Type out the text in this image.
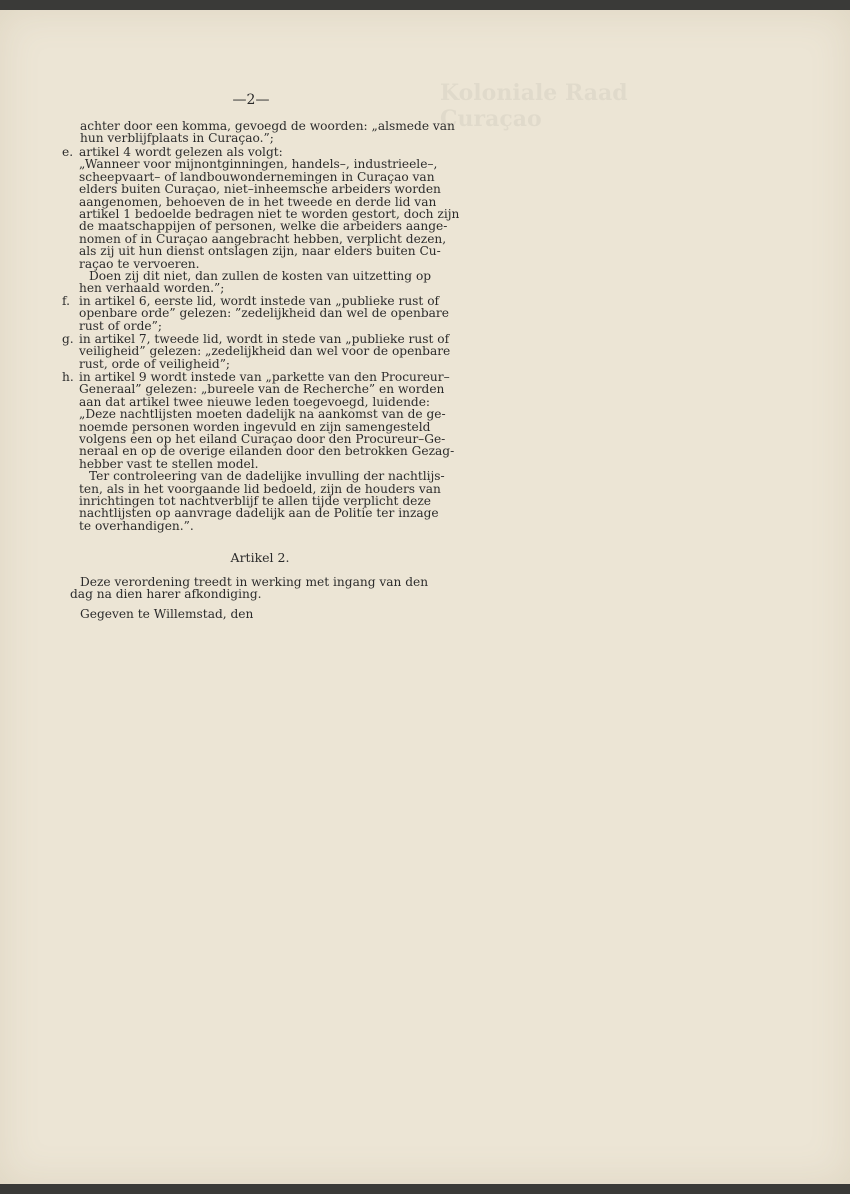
Koloniale Raad
Curaçao
—2—
achter door een komma, gevoegd de woorden: „alsmede van
hun verblijfplaats in Curaçao.”;
e. artikel 4 wordt gelezen als volgt:
„Wanneer voor mijnontginningen, handels–, industrieele–,
scheepvaart– of landbouwondernemingen in Curaçao van
elders buiten Curaçao, niet–inheemsche arbeiders worden
aangenomen, behoeven de in het tweede en derde lid van
artikel 1 bedoelde bedragen niet te worden gestort, doch zijn
de maatschappijen of personen, welke die arbeiders aange-
nomen of in Curaçao aangebracht hebben, verplicht dezen,
als zij uit hun dienst ontslagen zijn, naar elders buiten Cu-
raçao te vervoeren.
Doen zij dit niet, dan zullen de kosten van uitzetting op
hen verhaald worden.”;
f. in artikel 6, eerste lid, wordt instede van „publieke rust of
openbare orde” gelezen: ”zedelijkheid dan wel de openbare
rust of orde”;
g. in artikel 7, tweede lid, wordt in stede van „publieke rust of
veiligheid” gelezen: „zedelijkheid dan wel voor de openbare
rust, orde of veiligheid”;
h. in artikel 9 wordt instede van „parkette van den Procureur–
Generaal” gelezen: „bureele van de Recherche” en worden
aan dat artikel twee nieuwe leden toegevoegd, luidende:
„Deze nachtlijsten moeten dadelijk na aankomst van de ge-
noemde personen worden ingevuld en zijn samengesteld
volgens een op het eiland Curaçao door den Procureur–Ge-
neraal en op de overige eilanden door den betrokken Gezag-
hebber vast te stellen model.
Ter controleering van de dadelijke invulling der nachtlijs-
ten, als in het voorgaande lid bedoeld, zijn de houders van
inrichtingen tot nachtverblijf te allen tijde verplicht deze
nachtlijsten op aanvrage dadelijk aan de Politie ter inzage
te overhandigen.”.
Artikel 2.
Deze verordening treedt in werking met ingang van den
dag na dien harer afkondiging.
Gegeven te Willemstad, den
